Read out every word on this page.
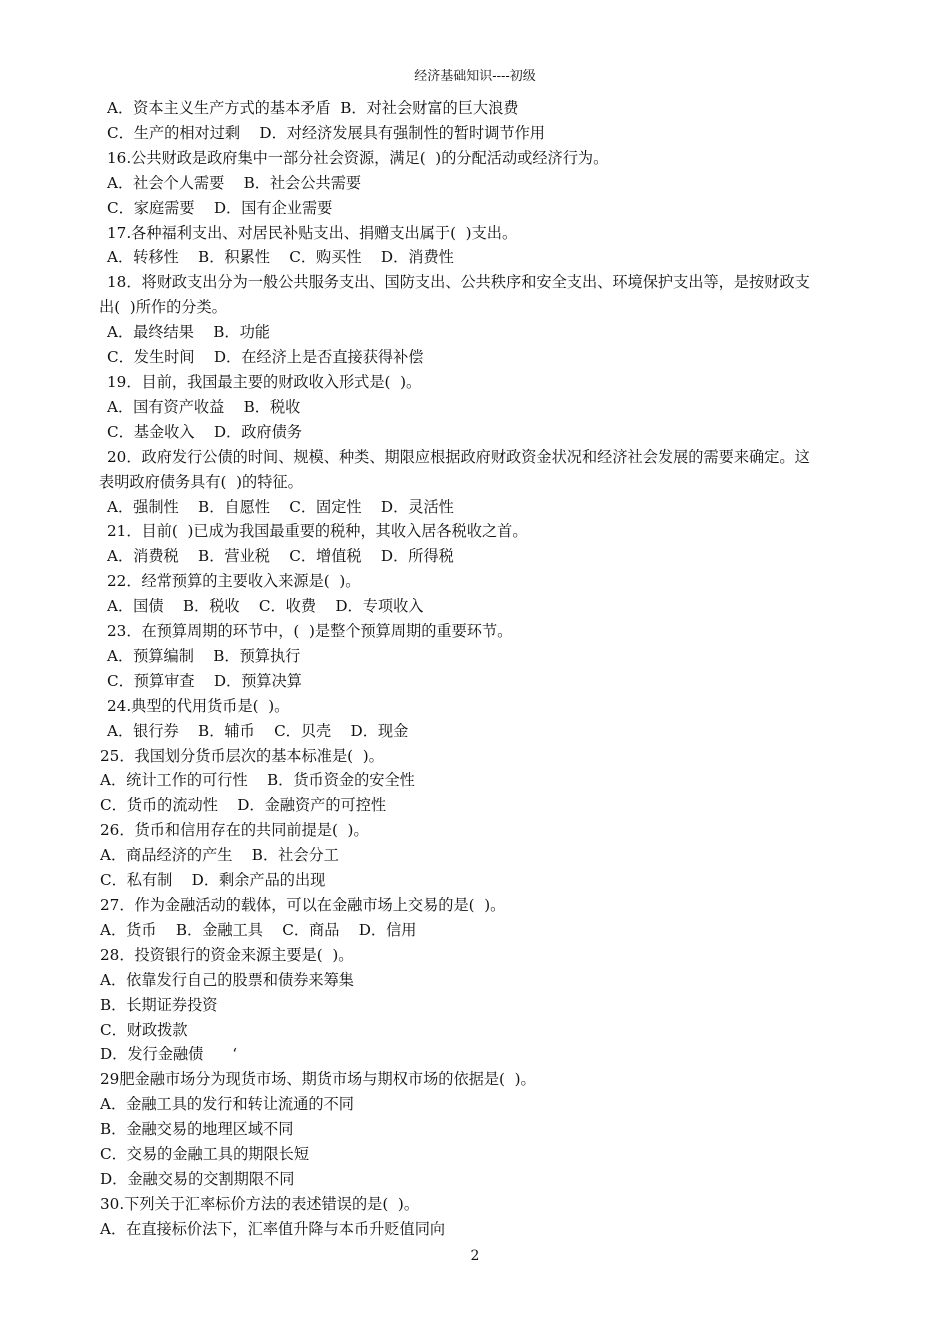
经济基础知识----初级
A．资本主义生产方式的基本矛盾  B．对社会财富的巨大浪费
C．生产的相对过剩    D．对经济发展具有强制性的暂时调节作用
16.公共财政是政府集中一部分社会资源，满足(  )的分配活动或经济行为。
A．社会个人需要    B．社会公共需要
C．家庭需要    D．国有企业需要
17.各种福利支出、对居民补贴支出、捐赠支出属于(  )支出。
A．转移性    B．积累性    C．购买性    D．消费性
18．将财政支出分为一般公共服务支出、国防支出、公共秩序和安全支出、环境保护支出等，是按财政支
出(  )所作的分类。
A．最终结果    B．功能
C．发生时间    D．在经济上是否直接获得补偿
19．目前，我国最主要的财政收入形式是(  )。
A．国有资产收益    B．税收
C．基金收入    D．政府债务
20．政府发行公债的时间、规模、种类、期限应根据政府财政资金状况和经济社会发展的需要来确定。这
表明政府债务具有(  )的特征。
A．强制性    B．自愿性    C．固定性    D．灵活性
21．目前(  )已成为我国最重要的税种，其收入居各税收之首。
A．消费税    B．营业税    C．增值税    D．所得税
22．经常预算的主要收入来源是(  )。
A．国债    B．税收    C．收费    D．专项收入
23．在预算周期的环节中，(  )是整个预算周期的重要环节。
A．预算编制    B．预算执行
C．预算审查    D．预算决算
24.典型的代用货币是(  )。
A．银行券    B．辅币    C．贝壳    D．现金
25．我国划分货币层次的基本标准是(  )。
A．统计工作的可行性    B．货币资金的安全性
C．货币的流动性    D．金融资产的可控性
26．货币和信用存在的共同前提是(  )。
A．商品经济的产生    B．社会分工
C．私有制    D．剩余产品的出现
27．作为金融活动的载体，可以在金融市场上交易的是(  )。
A．货币    B．金融工具    C．商品    D．信用
28．投资银行的资金来源主要是(  )。
A．依靠发行自己的股票和债券来筹集
B．长期证券投资
C．财政拨款
D．发行金融债      ‘
29肥金融市场分为现货市场、期货市场与期权市场的依据是(  )。
A．金融工具的发行和转让流通的不同
B．金融交易的地理区域不同
C．交易的金融工具的期限长短
D．金融交易的交割期限不同
30.下列关于汇率标价方法的表述错误的是(  )。
A．在直接标价法下，汇率值升降与本币升贬值同向
2
